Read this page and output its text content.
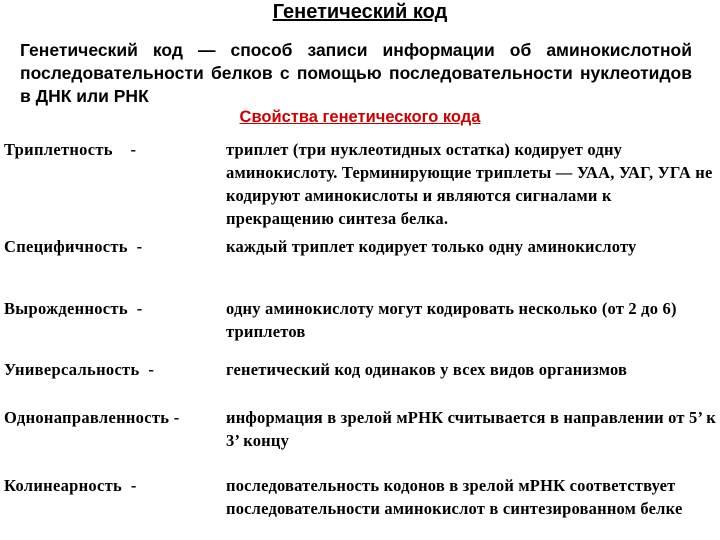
Генетический код
Генетический код — способ записи информации об аминокислотной последовательности белков с помощью последовательности нуклеотидов в ДНК или РНК
Свойства генетического кода
Триплетность    -	триплет (три нуклеотидных остатка) кодирует одну аминокислоту. Терминирующие триплеты — УАА, УАГ, УГА не кодируют аминокислоты и являются сигналами к прекращению синтеза белка.
Специфичность  -	каждый триплет кодирует только одну аминокислоту
Вырожденность  -	одну аминокислоту могут кодировать несколько (от 2 до 6) триплетов
Универсальность  -	генетический код одинаков у всех видов организмов
Однонаправленность -	информация в зрелой мРНК считывается в направлении от 5’ к 3’ концу
Колинеарность  -	последовательность кодонов в зрелой мРНК соответствует последовательности аминокислот в синтезированном белке
